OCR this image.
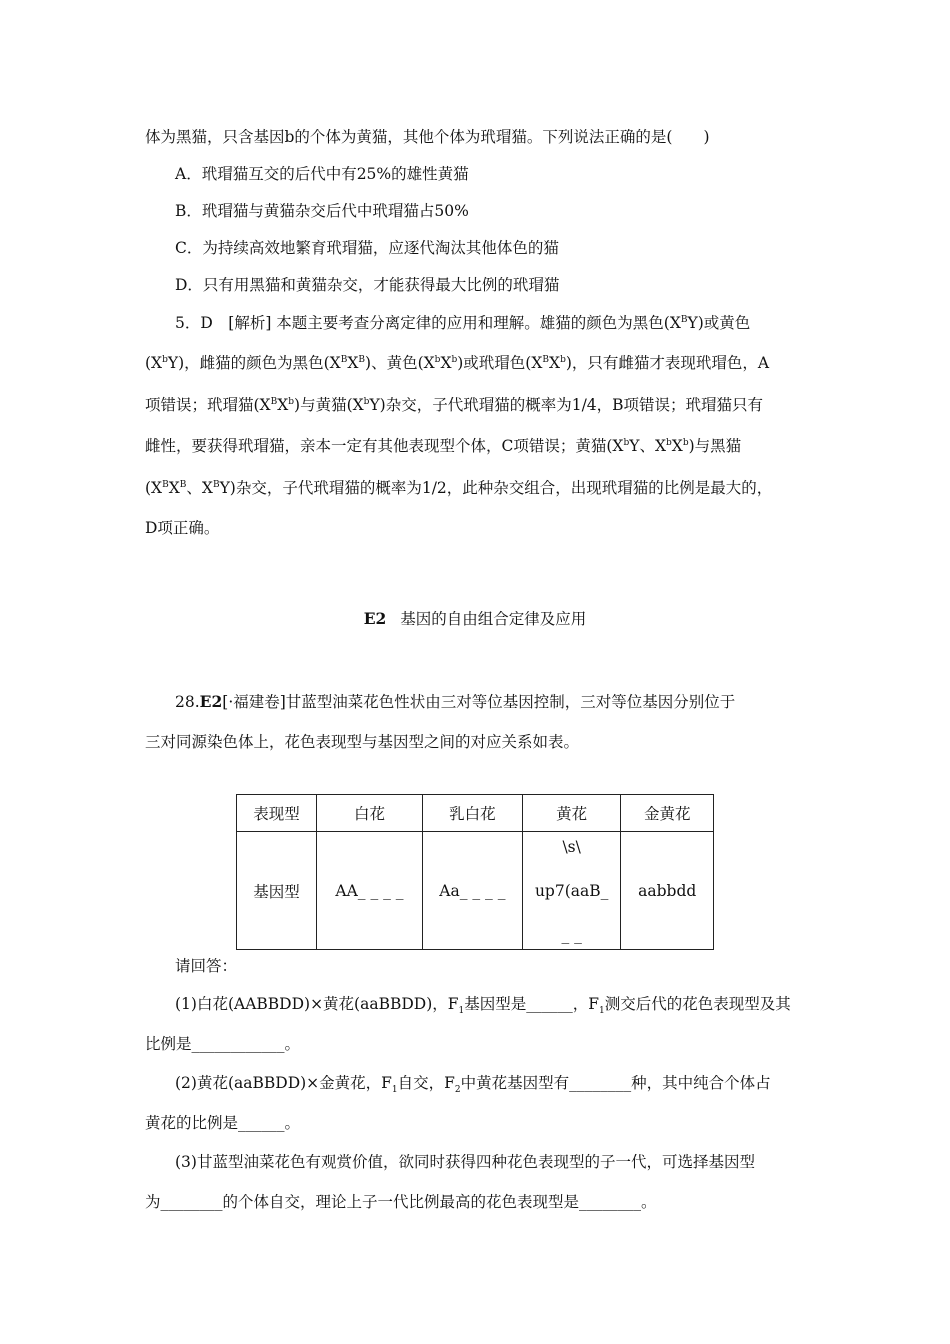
体为黑猫，只含基因b的个体为黄猫，其他个体为玳瑁猫。下列说法正确的是(　　)
A．玳瑁猫互交的后代中有25%的雄性黄猫
B．玳瑁猫与黄猫杂交后代中玳瑁猫占50%
C．为持续高效地繁育玳瑁猫，应逐代淘汰其他体色的猫
D．只有用黑猫和黄猫杂交，才能获得最大比例的玳瑁猫
5．D　[解析] 本题主要考查分离定律的应用和理解。雄猫的颜色为黑色$(X^BY)$或黄色
$(X^bY)$，雌猫的颜色为黑色$(X^BX^B)$、黄色$(X^bX^b)$或玳瑁色$(X^BX^b)$，只有雌猫才表现玳瑁色，A
项错误；玳瑁猫$(X^BX^b)$与黄猫$(X^bY)$杂交，子代玳瑁猫的概率为1/4，B项错误；玳瑁猫只有
雌性，要获得玳瑁猫，亲本一定有其他表现型个体，C项错误；黄猫($X^bY$、$X^bX^b$)与黑猫
($X^BX^B$、$X^BY$)杂交，子代玳瑁猫的概率为1/2，此种杂交组合，出现玳瑁猫的比例是最大的，
D项正确。
E2 基因的自由组合定律及应用
28.E2[·福建卷]甘蓝型油菜花色性状由三对等位基因控制，三对等位基因分别位于
三对同源染色体上，花色表现型与基因型之间的对应关系如表。
表现型	白花	乳白花	黄花	金黄花
基因型	AA_ _ _ _	Aa_ _ _ _	\s\
up7(aaB_
_ _	aabbdd
请回答：
(1)白花(AABBDD)×黄花(aaBBDD)，$F_1$基因型是______，$F_1$测交后代的花色表现型及其
比例是____________。
(2)黄花(aaBBDD)×金黄花，$F_1$自交，$F_2$中黄花基因型有________种，其中纯合个体占
黄花的比例是______。
(3)甘蓝型油菜花色有观赏价值，欲同时获得四种花色表现型的子一代，可选择基因型
为________的个体自交，理论上子一代比例最高的花色表现型是________。
